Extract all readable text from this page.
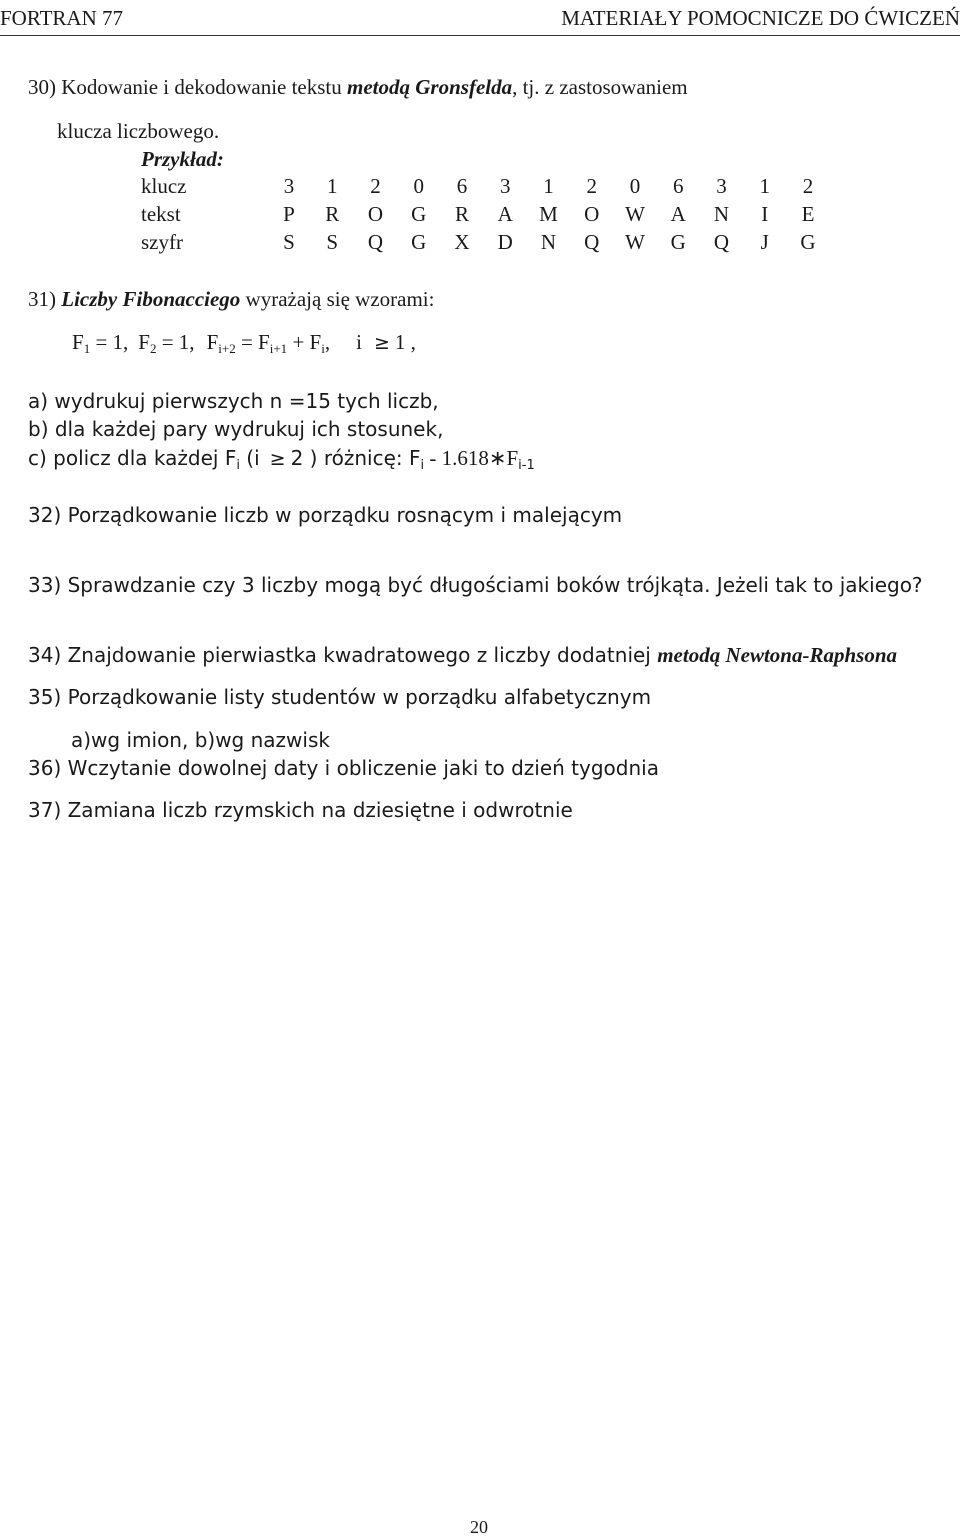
FORTRAN 77	MATERIAŁY POMOCNICZE DO ĆWICZEŃ
30) Kodowanie i dekodowanie tekstu metodą Gronsfelda, tj. z zastosowaniem
klucza liczbowego.
Przykład:
klucz	3	1	2	0	6	3	1	2	0	6	3	1	2
tekst	P	R	O	G	R	A	M	O	W	A	N	I	E
szyfr	S	S	Q	G	X	D	N	Q	W	G	Q	J	G
31) Liczby Fibonacciego wyrażają się wzorami:
$F_1 = 1$, $F_2 = 1$, $F_{i+2} = F_{i+1} + F_i$, i ≥ 1 ,
a) wydrukuj pierwszych n =15 tych liczb,
b) dla każdej pary wydrukuj ich stosunek,
c) policz dla każdej $F_i$ (i ≥ 2 ) różnicę: $F_i$ - $1.618∗F_{i-1}$
32) Porządkowanie liczb w porządku rosnącym i malejącym
33) Sprawdzanie czy 3 liczby mogą być długościami boków trójkąta. Jeżeli tak to jakiego?
34) Znajdowanie pierwiastka kwadratowego z liczby dodatniej metodą Newtona-Raphsona
35) Porządkowanie listy studentów w porządku alfabetycznym
a)wg imion, b)wg nazwisk
36) Wczytanie dowolnej daty i obliczenie jaki to dzień tygodnia
37) Zamiana liczb rzymskich na dziesiętne i odwrotnie
20
